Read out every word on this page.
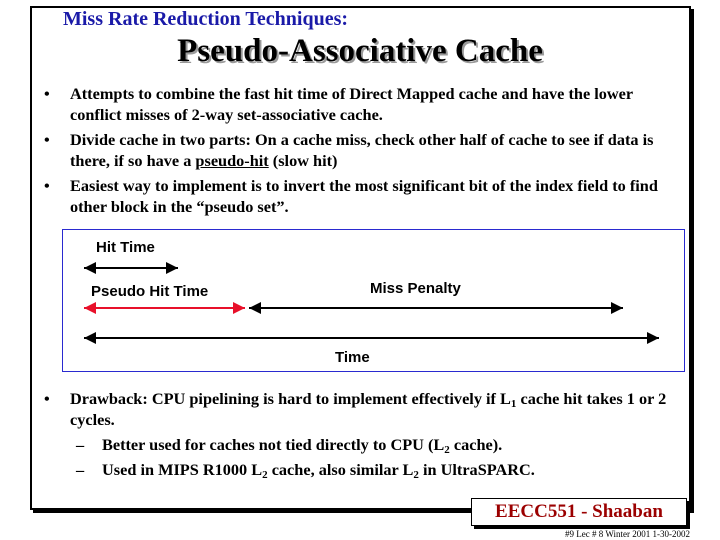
Miss Rate Reduction Techniques:
Pseudo-Associative Cache
•	Attempts to combine the fast hit time of Direct Mapped cache and have the lower conflict misses of 2-way set-associative cache.
•	Divide cache in two parts: On a cache miss, check other half of cache to see if data is there, if so have a pseudo-hit (slow hit)
•	Easiest way to implement is to invert the most significant bit of the index field to find other block in the “pseudo set”.
Hit Time
Pseudo Hit Time	Miss Penalty
Time
•	Drawback: CPU pipelining is hard to implement effectively if $L_1$ cache hit takes 1 or 2 cycles.
–	Better used for caches not tied directly to CPU ($L_2$ cache).
–	Used in MIPS R1000 $L_2$ cache, also similar $L_2$ in UltraSPARC.
EECC551 - Shaaban
#9 Lec # 8 Winter 2001 1-30-2002
